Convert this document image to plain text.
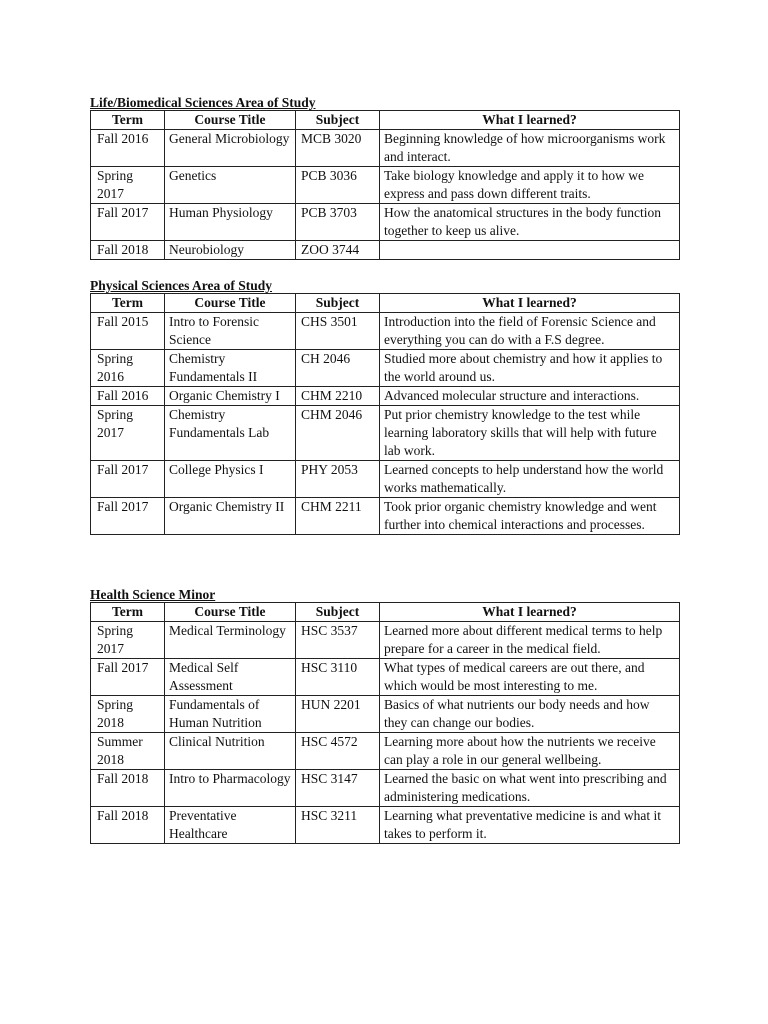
Life/Biomedical Sciences Area of Study
Term	Course Title	Subject	What I learned?
Fall 2016	General Microbiology	MCB 3020	Beginning knowledge of how microorganisms work and interact.
Spring 2017	Genetics	PCB 3036	Take biology knowledge and apply it to how we express and pass down different traits.
Fall 2017	Human Physiology	PCB 3703	How the anatomical structures in the body function together to keep us alive.
Fall 2018	Neurobiology	ZOO 3744	
Physical Sciences Area of Study
Term	Course Title	Subject	What I learned?
Fall 2015	Intro to Forensic Science	CHS 3501	Introduction into the field of Forensic Science and everything you can do with a F.S degree.
Spring 2016	Chemistry Fundamentals II	CH 2046	Studied more about chemistry and how it applies to the world around us.
Fall 2016	Organic Chemistry I	CHM 2210	Advanced molecular structure and interactions.
Spring 2017	Chemistry Fundamentals Lab	CHM 2046	Put prior chemistry knowledge to the test while learning laboratory skills that will help with future lab work.
Fall 2017	College Physics I	PHY 2053	Learned concepts to help understand how the world works mathematically.
Fall 2017	Organic Chemistry II	CHM 2211	Took prior organic chemistry knowledge and went further into chemical interactions and processes.
Health Science Minor
Term	Course Title	Subject	What I learned?
Spring 2017	Medical Terminology	HSC 3537	Learned more about different medical terms to help prepare for a career in the medical field.
Fall 2017	Medical Self Assessment	HSC 3110	What types of medical careers are out there, and which would be most interesting to me.
Spring 2018	Fundamentals of Human Nutrition	HUN 2201	Basics of what nutrients our body needs and how they can change our bodies.
Summer 2018	Clinical Nutrition	HSC 4572	Learning more about how the nutrients we receive can play a role in our general wellbeing.
Fall 2018	Intro to Pharmacology	HSC 3147	Learned the basic on what went into prescribing and administering medications.
Fall 2018	Preventative Healthcare	HSC 3211	Learning what preventative medicine is and what it takes to perform it.
